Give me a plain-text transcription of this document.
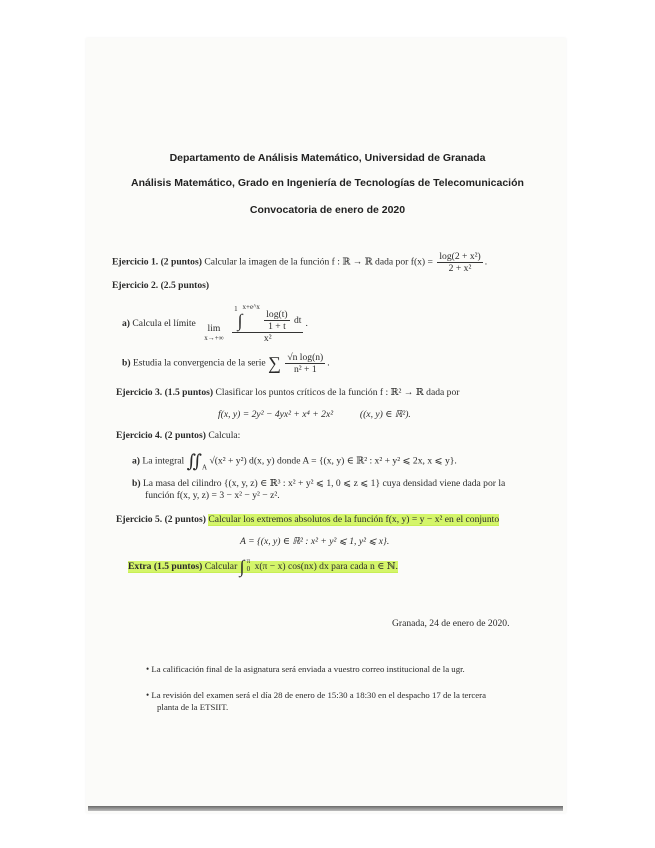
Departamento de Análisis Matemático, Universidad de Granada
Análisis Matemático, Grado en Ingeniería de Tecnologías de Telecomunicación
Convocatoria de enero de 2020
Ejercicio 1. (2 puntos) Calcular la imagen de la función f : ℝ → ℝ dada por $f(x) = \frac{\text{log(2 + x²)}}{\text{2 + x²}}$ .
Ejercicio 2. (2.5 puntos)
a) Calcula el límite	lim
x→+∞
1∫x+e^x
$\frac{\log(t)}{1 + t}$ dt
x² .
b) Estudia la convergencia de la serie ∑ $\frac{\text{√n log(n)}}{\text{n² + 1}}$ .
Ejercicio 3. (1.5 puntos) Clasificar los puntos críticos de la función f : ℝ² → ℝ dada por
f(x, y) = 2y² − 4yx² + x⁴ + 2x²	((x, y) ∈ ℝ²).
Ejercicio 4. (2 puntos) Calcula:
a) La integral $∬_A$ √(x² + y²) d(x, y) donde A = {(x, y) ∈ ℝ² : x² + y² ⩽ 2x, x ⩽ y}.
b) La masa del cilindro {(x, y, z) ∈ ℝ³ : x² + y² ⩽ 1, 0 ⩽ z ⩽ 1} cuya densidad viene dada por la
función f(x, y, z) = 3 − x² − y² − z².
Ejercicio 5. (2 puntos) Calcular los extremos absolutos de la función f(x, y) = y − x² en el conjunto
A = {(x, y) ∈ ℝ² : x² + y² ⩽ 1, y² ⩽ x}.
Extra (1.5 puntos) Calcular ∫ π
0 x(π − x) cos(nx) dx para cada n ∈ ℕ.
Granada, 24 de enero de 2020.
• La calificación final de la asignatura será enviada a vuestro correo institucional de la ugr.
• La revisión del examen será el día 28 de enero de 15:30 a 18:30 en el despacho 17 de la tercera
planta de la ETSIIT.
